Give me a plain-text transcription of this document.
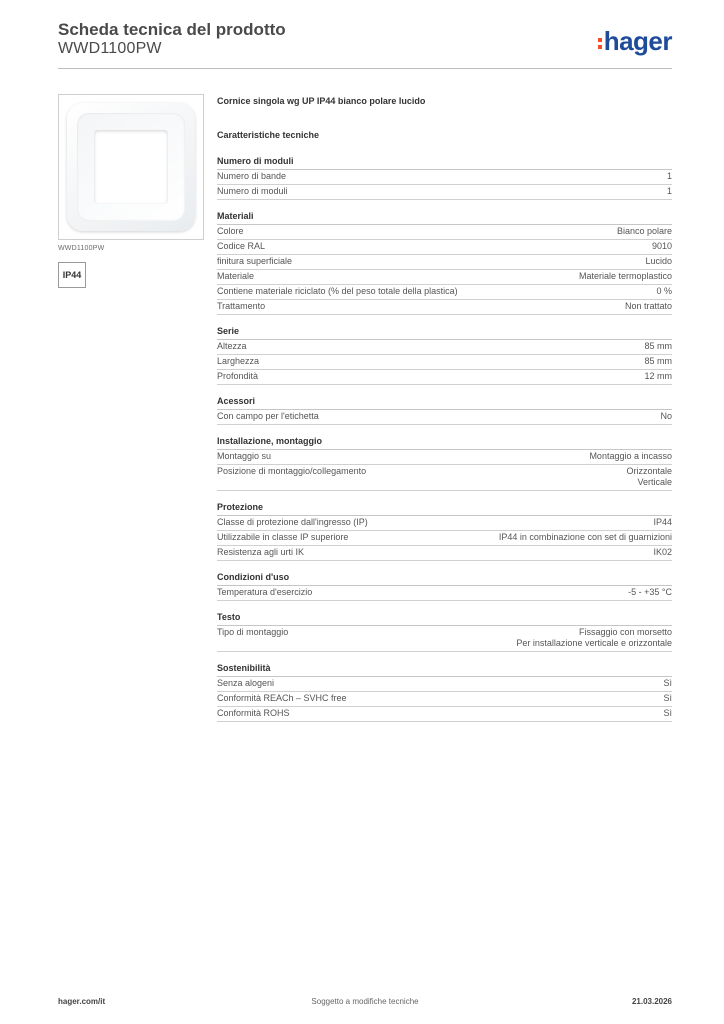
Scheda tecnica del prodotto
WWD1100PW	hager
WWD1100PW
IP44
Cornice singola wg UP IP44 bianco polare lucido
Caratteristiche tecniche
Numero di moduli
Numero di bande	1
Numero di moduli	1
Materiali
Colore	Bianco polare
Codice RAL	9010
finitura superficiale	Lucido
Materiale	Materiale termoplastico
Contiene materiale riciclato (% del peso totale della plastica)	0 %
Trattamento	Non trattato
Serie
Altezza	85 mm
Larghezza	85 mm
Profondità	12 mm
Acessori
Con campo per l'etichetta	No
Installazione, montaggio
Montaggio su	Montaggio a incasso
Posizione di montaggio/collegamento	Orizzontale
Verticale
Protezione
Classe di protezione dall'ingresso (IP)	IP44
Utilizzabile in classe IP superiore	IP44 in combinazione con set di guarnizioni
Resistenza agli urti IK	IK02
Condizioni d'uso
Temperatura d'esercizio	-5 - +35 °C
Testo
Tipo di montaggio	Fissaggio con morsetto
Per installazione verticale e orizzontale
Sostenibilità
Senza alogeni	Sì
Conformità REACh – SVHC free	Sì
Conformità ROHS	Sì
hager.com/it	Soggetto a modifiche tecniche	21.03.2026
